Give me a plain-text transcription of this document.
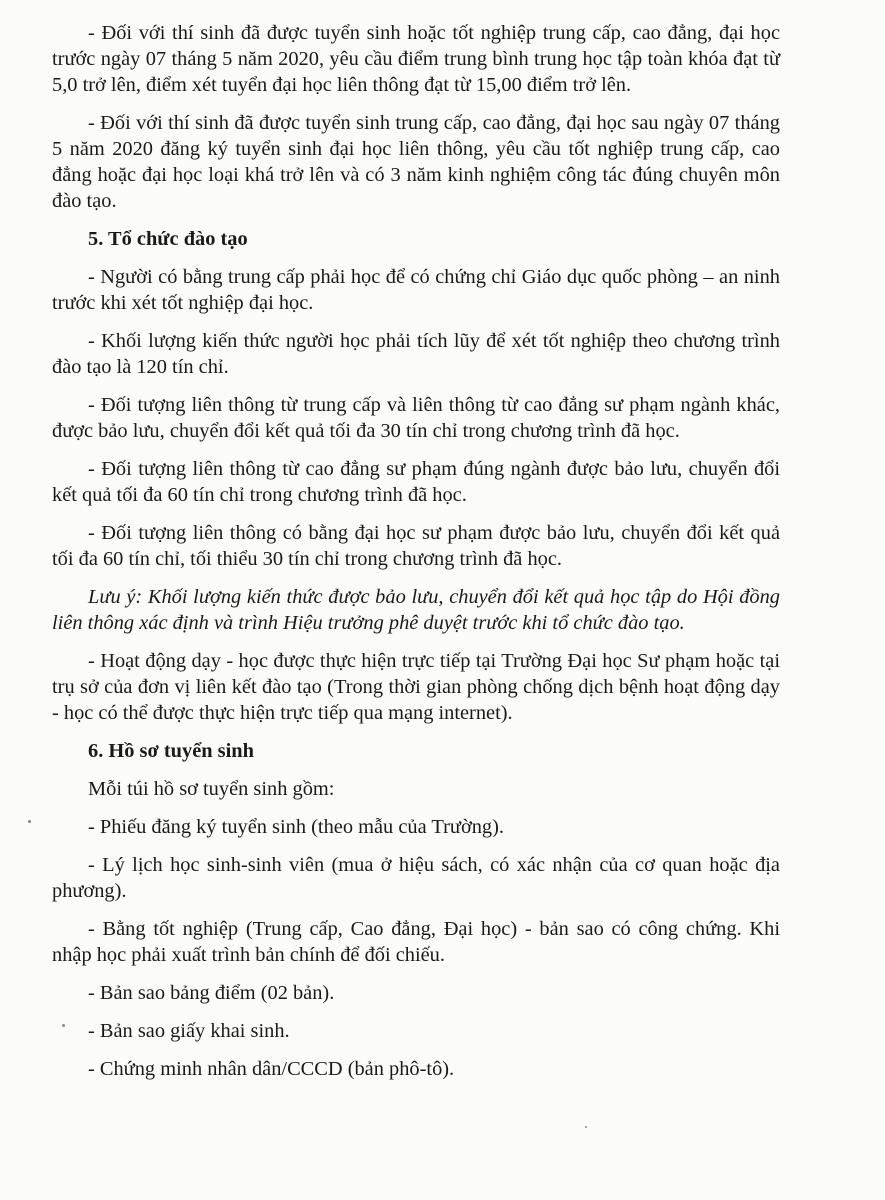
- Đối với thí sinh đã được tuyển sinh hoặc tốt nghiệp trung cấp, cao đẳng, đại học trước ngày 07 tháng 5 năm 2020, yêu cầu điểm trung bình trung học tập toàn khóa đạt từ 5,0 trở lên, điểm xét tuyển đại học liên thông đạt từ 15,00 điểm trở lên.

- Đối với thí sinh đã được tuyển sinh trung cấp, cao đẳng, đại học sau ngày 07 tháng 5 năm 2020 đăng ký tuyển sinh đại học liên thông, yêu cầu tốt nghiệp trung cấp, cao đẳng hoặc đại học loại khá trở lên và có 3 năm kinh nghiệm công tác đúng chuyên môn đào tạo.

5. Tổ chức đào tạo

- Người có bằng trung cấp phải học để có chứng chỉ Giáo dục quốc phòng – an ninh trước khi xét tốt nghiệp đại học.

- Khối lượng kiến thức người học phải tích lũy để xét tốt nghiệp theo chương trình đào tạo là 120 tín chỉ.

- Đối tượng liên thông từ trung cấp và liên thông từ cao đẳng sư phạm ngành khác, được bảo lưu, chuyển đổi kết quả tối đa 30 tín chỉ trong chương trình đã học.

- Đối tượng liên thông từ cao đẳng sư phạm đúng ngành được bảo lưu, chuyển đổi kết quả tối đa 60 tín chỉ trong chương trình đã học.

- Đối tượng liên thông có bằng đại học sư phạm được bảo lưu, chuyển đổi kết quả tối đa 60 tín chỉ, tối thiểu 30 tín chỉ trong chương trình đã học.

Lưu ý: Khối lượng kiến thức được bảo lưu, chuyển đổi kết quả học tập do Hội đồng liên thông xác định và trình Hiệu trưởng phê duyệt trước khi tổ chức đào tạo.

- Hoạt động dạy - học được thực hiện trực tiếp tại Trường Đại học Sư phạm hoặc tại trụ sở của đơn vị liên kết đào tạo (Trong thời gian phòng chống dịch bệnh hoạt động dạy - học có thể được thực hiện trực tiếp qua mạng internet).

6. Hồ sơ tuyển sinh
Mỗi túi hồ sơ tuyển sinh gồm:
- Phiếu đăng ký tuyển sinh (theo mẫu của Trường).

- Lý lịch học sinh-sinh viên (mua ở hiệu sách, có xác nhận của cơ quan hoặc địa phương).

- Bằng tốt nghiệp (Trung cấp, Cao đẳng, Đại học) - bản sao có công chứng. Khi nhập học phải xuất trình bản chính để đối chiếu.

- Bản sao bảng điểm (02 bản).
- Bản sao giấy khai sinh.
- Chứng minh nhân dân/CCCD (bản phô-tô).
